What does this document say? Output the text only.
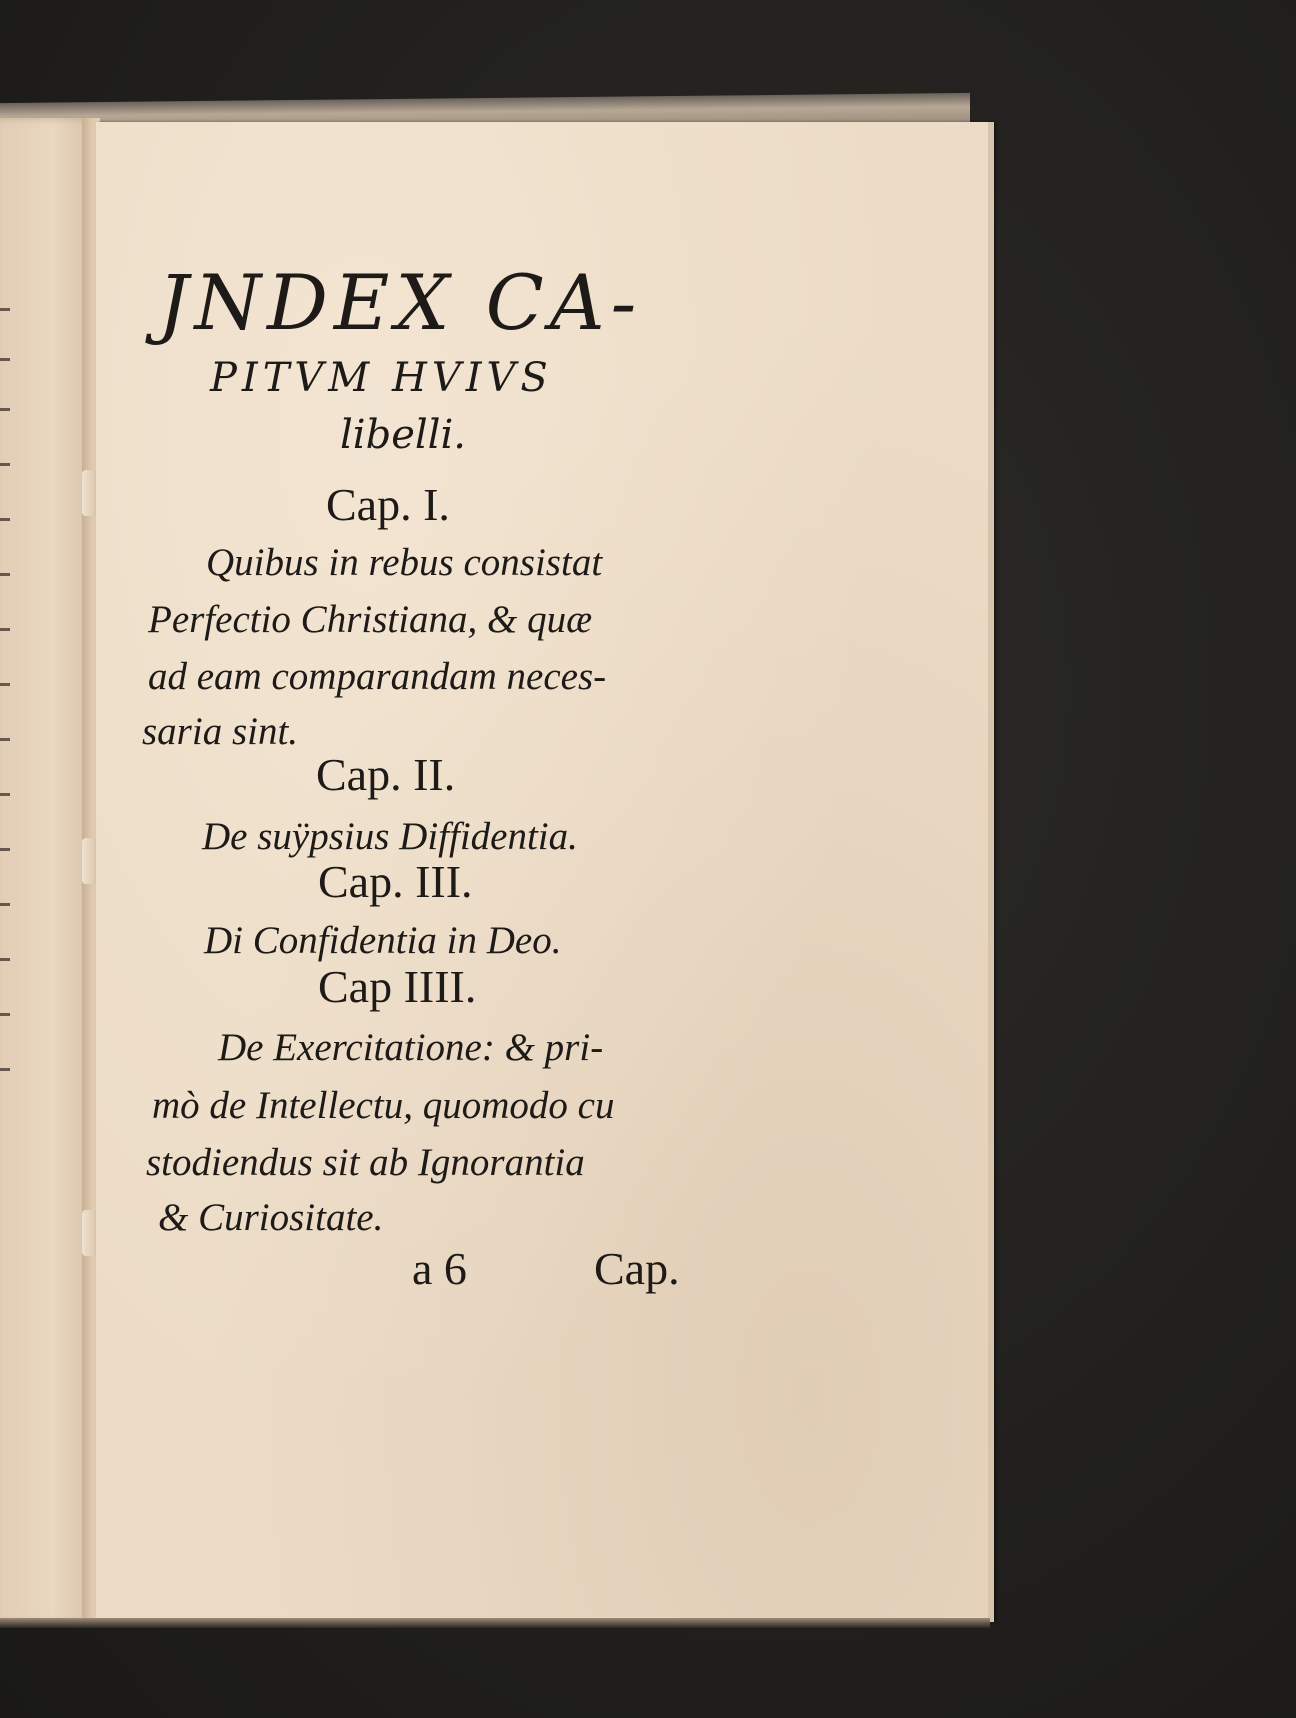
JNDEX CA-
PITVM HVIVS
libelli.
Cap. I.
Quibus in rebus consistat
Perfectio Christiana, & quæ
ad eam comparandam neces-
saria sint.
Cap. II.
De suÿpsius Diffidentia.
Cap. III.
Di Confidentia in Deo.
Cap IIII.
De Exercitatione: & pri-
mò de Intellectu, quomodo cu
stodiendus sit ab Ignorantia
& Curiositate.
a 6	Cap.
